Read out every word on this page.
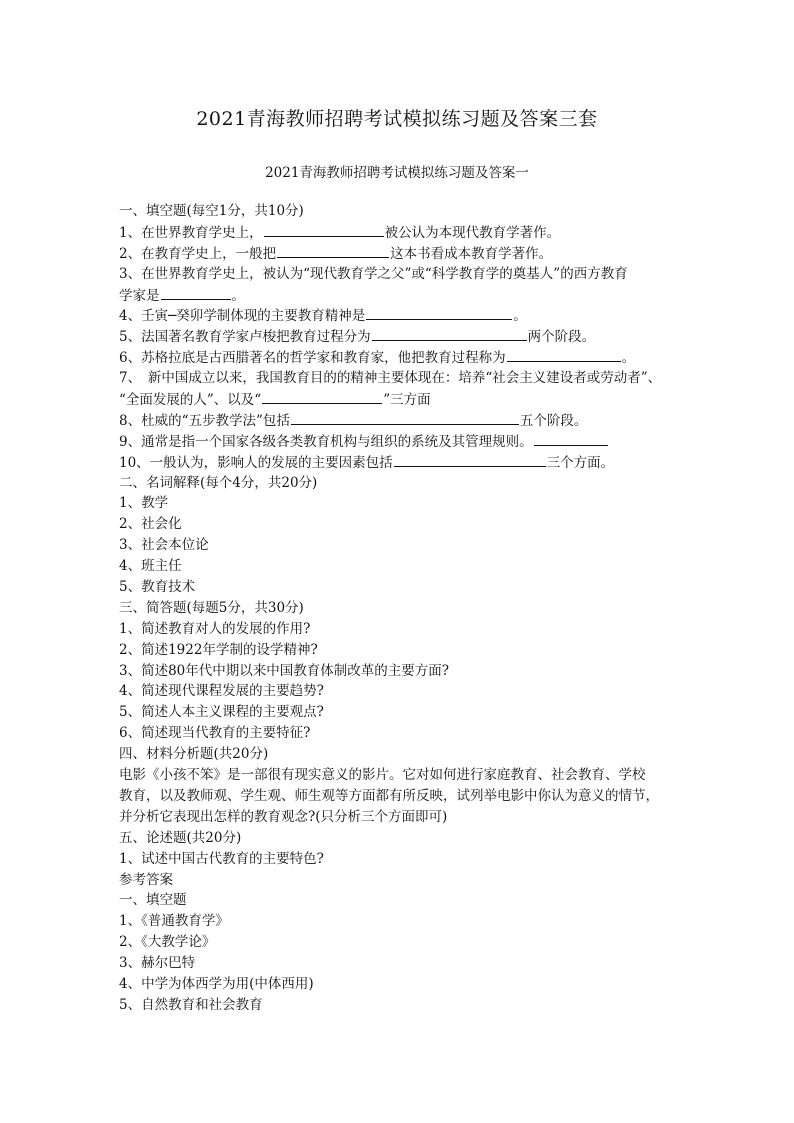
2021青海教师招聘考试模拟练习题及答案三套
2021青海教师招聘考试模拟练习题及答案一
一、填空题(每空1分，共10分)
1、在世界教育学史上，	被公认为本现代教育学著作。
2、在教育学史上，一般把	这本书看成本教育学著作。
3、在世界教育学史上，被认为“现代教育学之父”或“科学教育学的奠基人”的西方教育
学家是	。
4、壬寅─癸卯学制体现的主要教育精神是	。
5、法国著名教育学家卢梭把教育过程分为	两个阶段。
6、苏格拉底是古西腊著名的哲学家和教育家，他把教育过程称为	。
7、　新中国成立以来，我国教育目的的精神主要体现在：培养“社会主义建设者或劳动者”、
“全面发展的人”、以及“	”三方面
8、杜威的“五步教学法”包括	五个阶段。
9、通常是指一个国家各级各类教育机构与组织的系统及其管理规则。
10、一般认为，影响人的发展的主要因素包括	三个方面。
二、名词解释(每个4分，共20分)
1、教学
2、社会化
3、社会本位论
4、班主任
5、教育技术
三、简答题(每题5分，共30分)
1、简述教育对人的发展的作用?
2、简述1922年学制的设学精神?
3、简述80年代中期以来中国教育体制改革的主要方面?
4、简述现代课程发展的主要趋势?
5、简述人本主义课程的主要观点?
6、简述现当代教育的主要特征?
四、材料分析题(共20分)
电影《小孩不笨》是一部很有现实意义的影片。它对如何进行家庭教育、社会教育、学校
教育，以及教师观、学生观、师生观等方面都有所反映，试列举电影中你认为意义的情节，
并分析它表现出怎样的教育观念?(只分析三个方面即可)
五、论述题(共20分)
1、试述中国古代教育的主要特色?
参考答案
一、填空题
1、《普通教育学》
2、《大教学论》
3、赫尔巴特
4、中学为体西学为用(中体西用)
5、自然教育和社会教育
